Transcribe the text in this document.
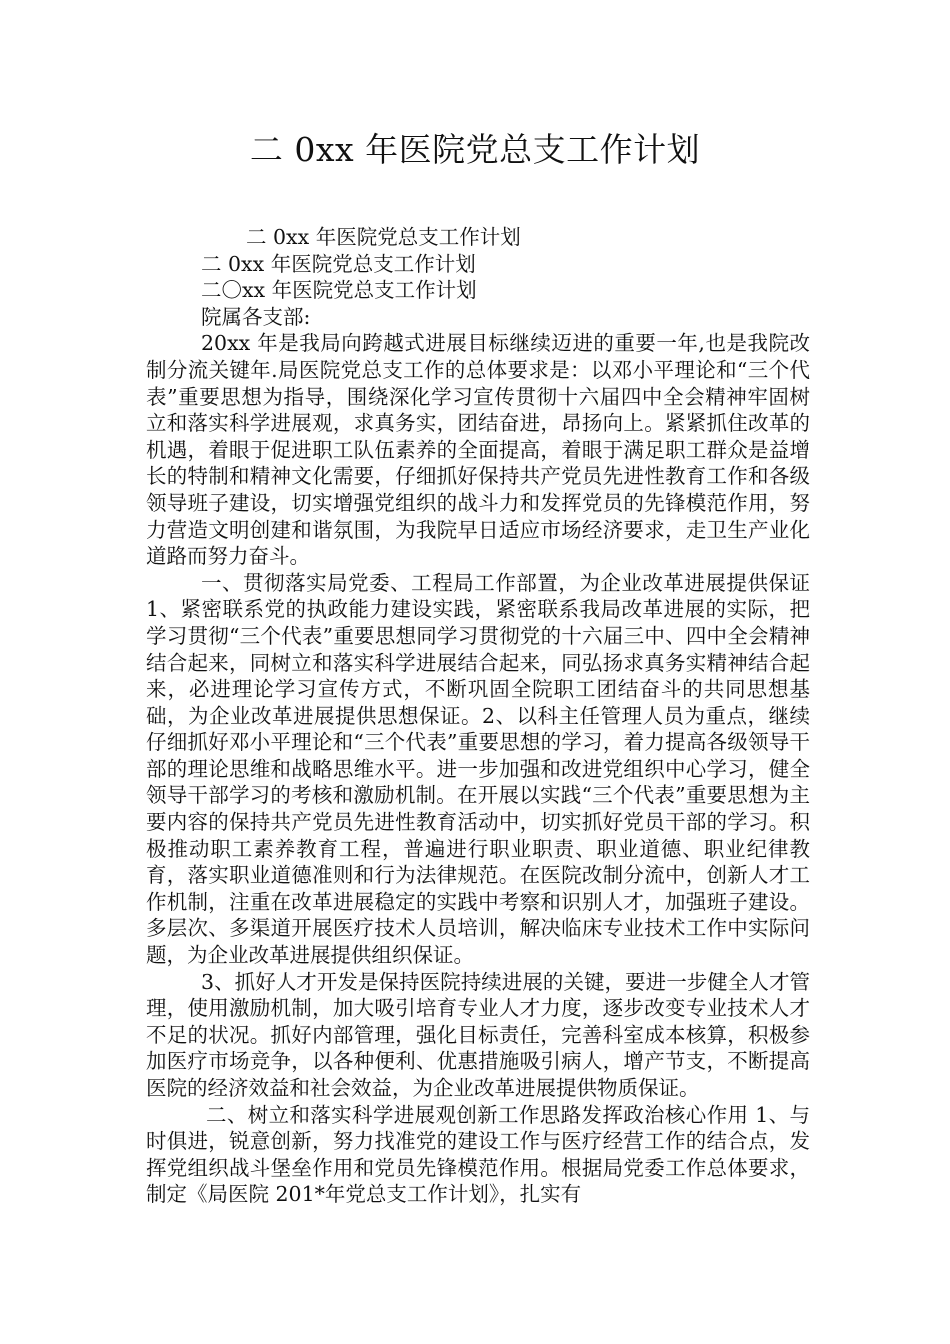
二 0xx 年医院党总支工作计划

二 0xx 年医院党总支工作计划

二 0xx 年医院党总支工作计划

二〇xx 年医院党总支工作计划

院属各支部:

20xx 年是我局向跨越式进展目标继续迈进的重要一年,也是我院改制分流关键年.局医院党总支工作的总体要求是：以邓小平理论和“三个代表”重要思想为指导，围绕深化学习宣传贯彻十六届四中全会精神牢固树立和落实科学进展观，求真务实，团结奋进，昂扬向上。紧紧抓住改革的机遇，着眼于促进职工队伍素养的全面提高，着眼于满足职工群众是益增长的特制和精神文化需要，仔细抓好保持共产党员先进性教育工作和各级领导班子建设，切实增强党组织的战斗力和发挥党员的先锋模范作用，努力营造文明创建和谐氛围，为我院早日适应市场经济要求，走卫生产业化道路而努力奋斗。

一、贯彻落实局党委、工程局工作部置，为企业改革进展提供保证 1、紧密联系党的执政能力建设实践，紧密联系我局改革进展的实际，把学习贯彻“三个代表”重要思想同学习贯彻党的十六届三中、四中全会精神结合起来，同树立和落实科学进展结合起来，同弘扬求真务实精神结合起来，必进理论学习宣传方式，不断巩固全院职工团结奋斗的共同思想基础，为企业改革进展提供思想保证。2、以科主任管理人员为重点，继续仔细抓好邓小平理论和“三个代表”重要思想的学习，着力提高各级领导干部的理论思维和战略思维水平。进一步加强和改进党组织中心学习，健全领导干部学习的考核和激励机制。在开展以实践“三个代表”重要思想为主要内容的保持共产党员先进性教育活动中，切实抓好党员干部的学习。积极推动职工素养教育工程，普遍进行职业职责、职业道德、职业纪律教育，落实职业道德准则和行为法律规范。在医院改制分流中，创新人才工作机制，注重在改革进展稳定的实践中考察和识别人才，加强班子建设。多层次、多渠道开展医疗技术人员培训，解决临床专业技术工作中实际问题，为企业改革进展提供组织保证。

3、抓好人才开发是保持医院持续进展的关键，要进一步健全人才管理，使用激励机制，加大吸引培育专业人才力度，逐步改变专业技术人才不足的状况。抓好内部管理，强化目标责任，完善科室成本核算，积极参加医疗市场竞争，以各种便利、优惠措施吸引病人，增产节支，不断提高医院的经济效益和社会效益，为企业改革进展提供物质保证。

二、树立和落实科学进展观创新工作思路发挥政治核心作用 1、与时俱进，锐意创新，努力找准党的建设工作与医疗经营工作的结合点，发挥党组织战斗堡垒作用和党员先锋模范作用。根据局党委工作总体要求，制定《局医院 201*年党总支工作计划》，扎实有
